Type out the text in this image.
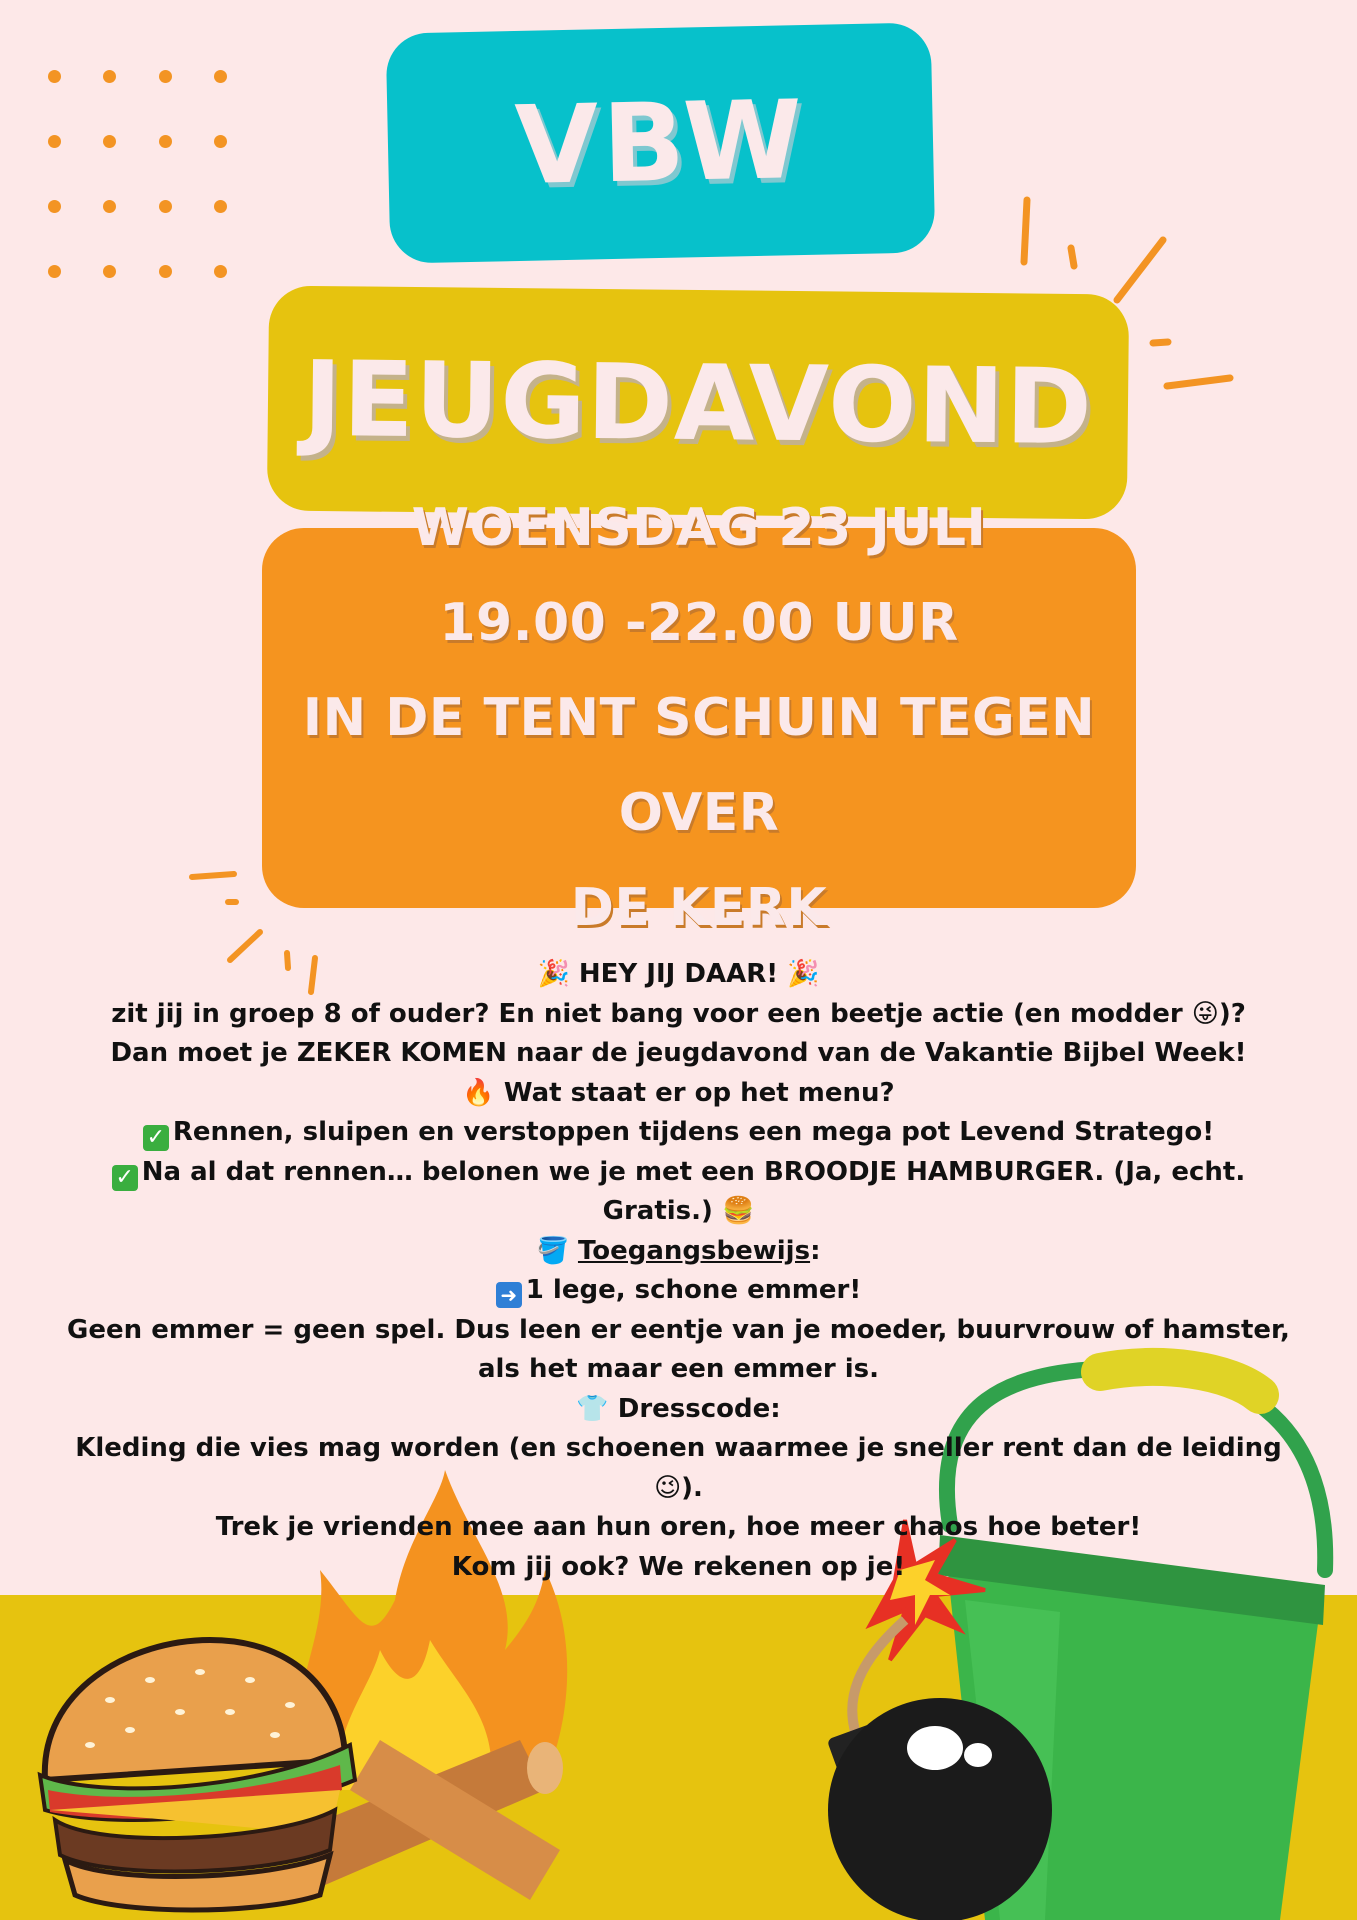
VBW
JEUGDAVOND
WOENSDAG 23 JULI
19.00 -22.00 UUR
IN DE TENT SCHUIN TEGEN OVER
DE KERK

🎉 HEY JIJ DAAR! 🎉

zit jij in groep 8 of ouder? En niet bang voor een beetje actie (en modder 😜)?

Dan moet je ZEKER KOMEN naar de jeugdavond van de Vakantie Bijbel Week!

🔥 Wat staat er op het menu?

✓ Rennen, sluipen en verstoppen tijdens een mega pot Levend Stratego!

✓ Na al dat rennen… belonen we je met een BROODJE HAMBURGER. (Ja, echt.

Gratis.) 🍔

🪣 Toegangsbewijs:

➜ 1 lege, schone emmer!

Geen emmer = geen spel. Dus leen er eentje van je moeder, buurvrouw of hamster,

als het maar een emmer is.

👕 Dresscode:

Kleding die vies mag worden (en schoenen waarmee je sneller rent dan de leiding

😉).

Trek je vrienden mee aan hun oren, hoe meer chaos hoe beter!

Kom jij ook? We rekenen op je!
